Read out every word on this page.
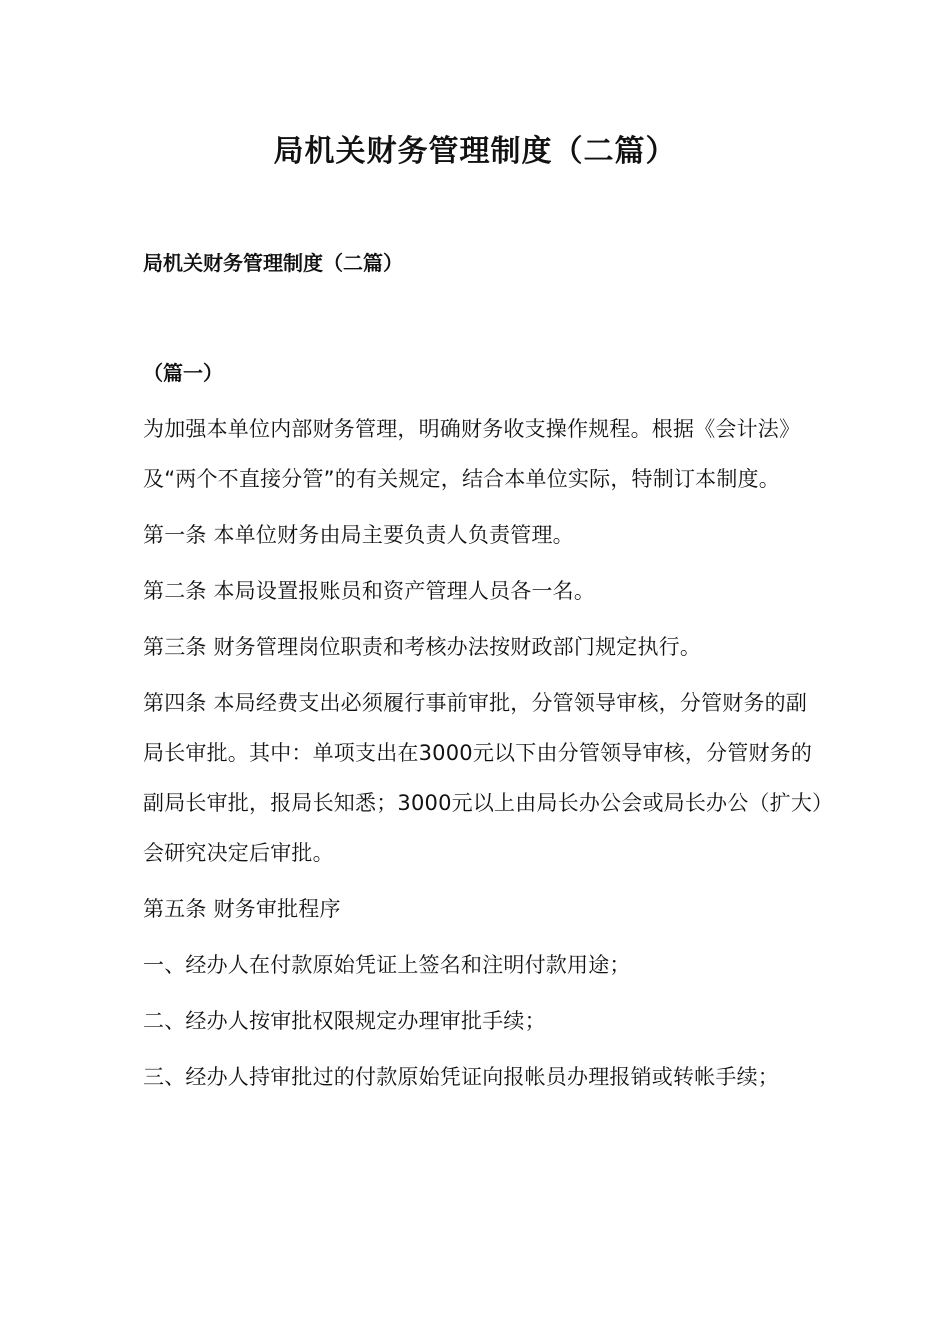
局机关财务管理制度（二篇）

局机关财务管理制度（二篇）

（篇一）

为加强本单位内部财务管理，明确财务收支操作规程。根据《会计法》及“两个不直接分管”的有关规定，结合本单位实际，特制订本制度。

第一条 本单位财务由局主要负责人负责管理。

第二条 本局设置报账员和资产管理人员各一名。

第三条 财务管理岗位职责和考核办法按财政部门规定执行。

第四条 本局经费支出必须履行事前审批，分管领导审核，分管财务的副局长审批。其中：单项支出在3000元以下由分管领导审核，分管财务的副局长审批，报局长知悉；3000元以上由局长办公会或局长办公（扩大）会研究决定后审批。

第五条 财务审批程序

一、经办人在付款原始凭证上签名和注明付款用途；

二、经办人按审批权限规定办理审批手续；

三、经办人持审批过的付款原始凭证向报帐员办理报销或转帐手续；
